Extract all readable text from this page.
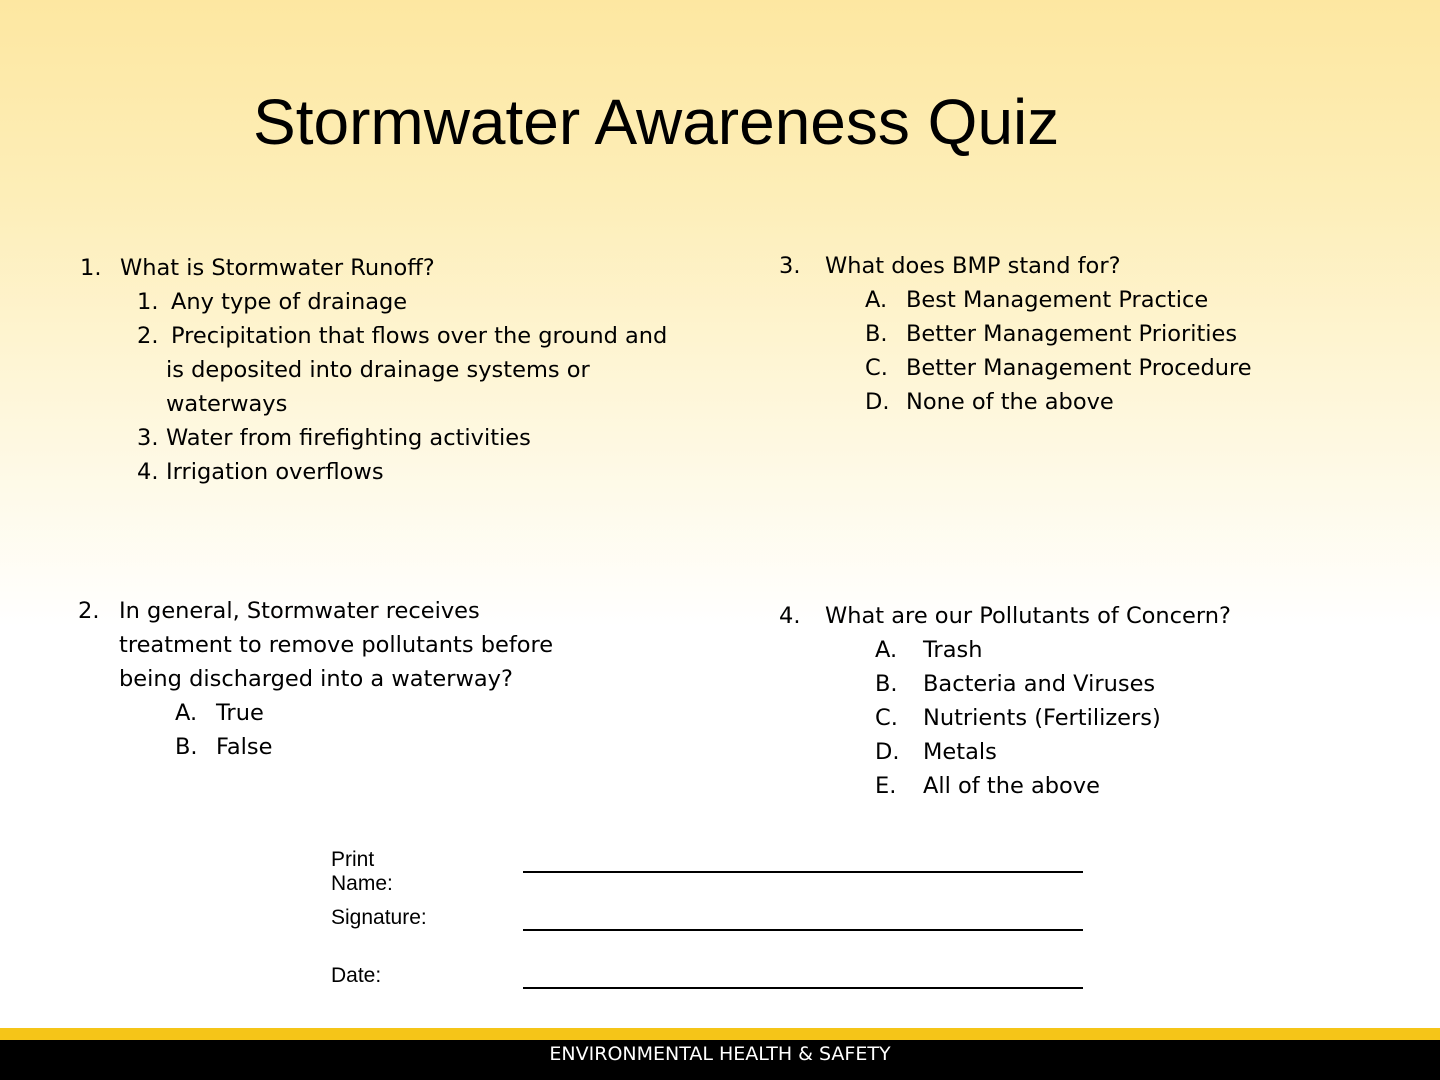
Stormwater Awareness Quiz
1. What is Stormwater Runoff?
1. Any type of drainage
2. Precipitation that flows over the ground and
is deposited into drainage systems or
waterways
3. Water from firefighting activities
4. Irrigation overflows
2. In general, Stormwater receives
treatment to remove pollutants before
being discharged into a waterway?
A. True
B. False
3. What does BMP stand for?
A. Best Management Practice
B. Better Management Priorities
C. Better Management Procedure
D. None of the above
4. What are our Pollutants of Concern?
A. Trash
B. Bacteria and Viruses
C. Nutrients (Fertilizers)
D. Metals
E. All of the above
Print Name:
Signature:
Date:
ENVIRONMENTAL HEALTH & SAFETY
